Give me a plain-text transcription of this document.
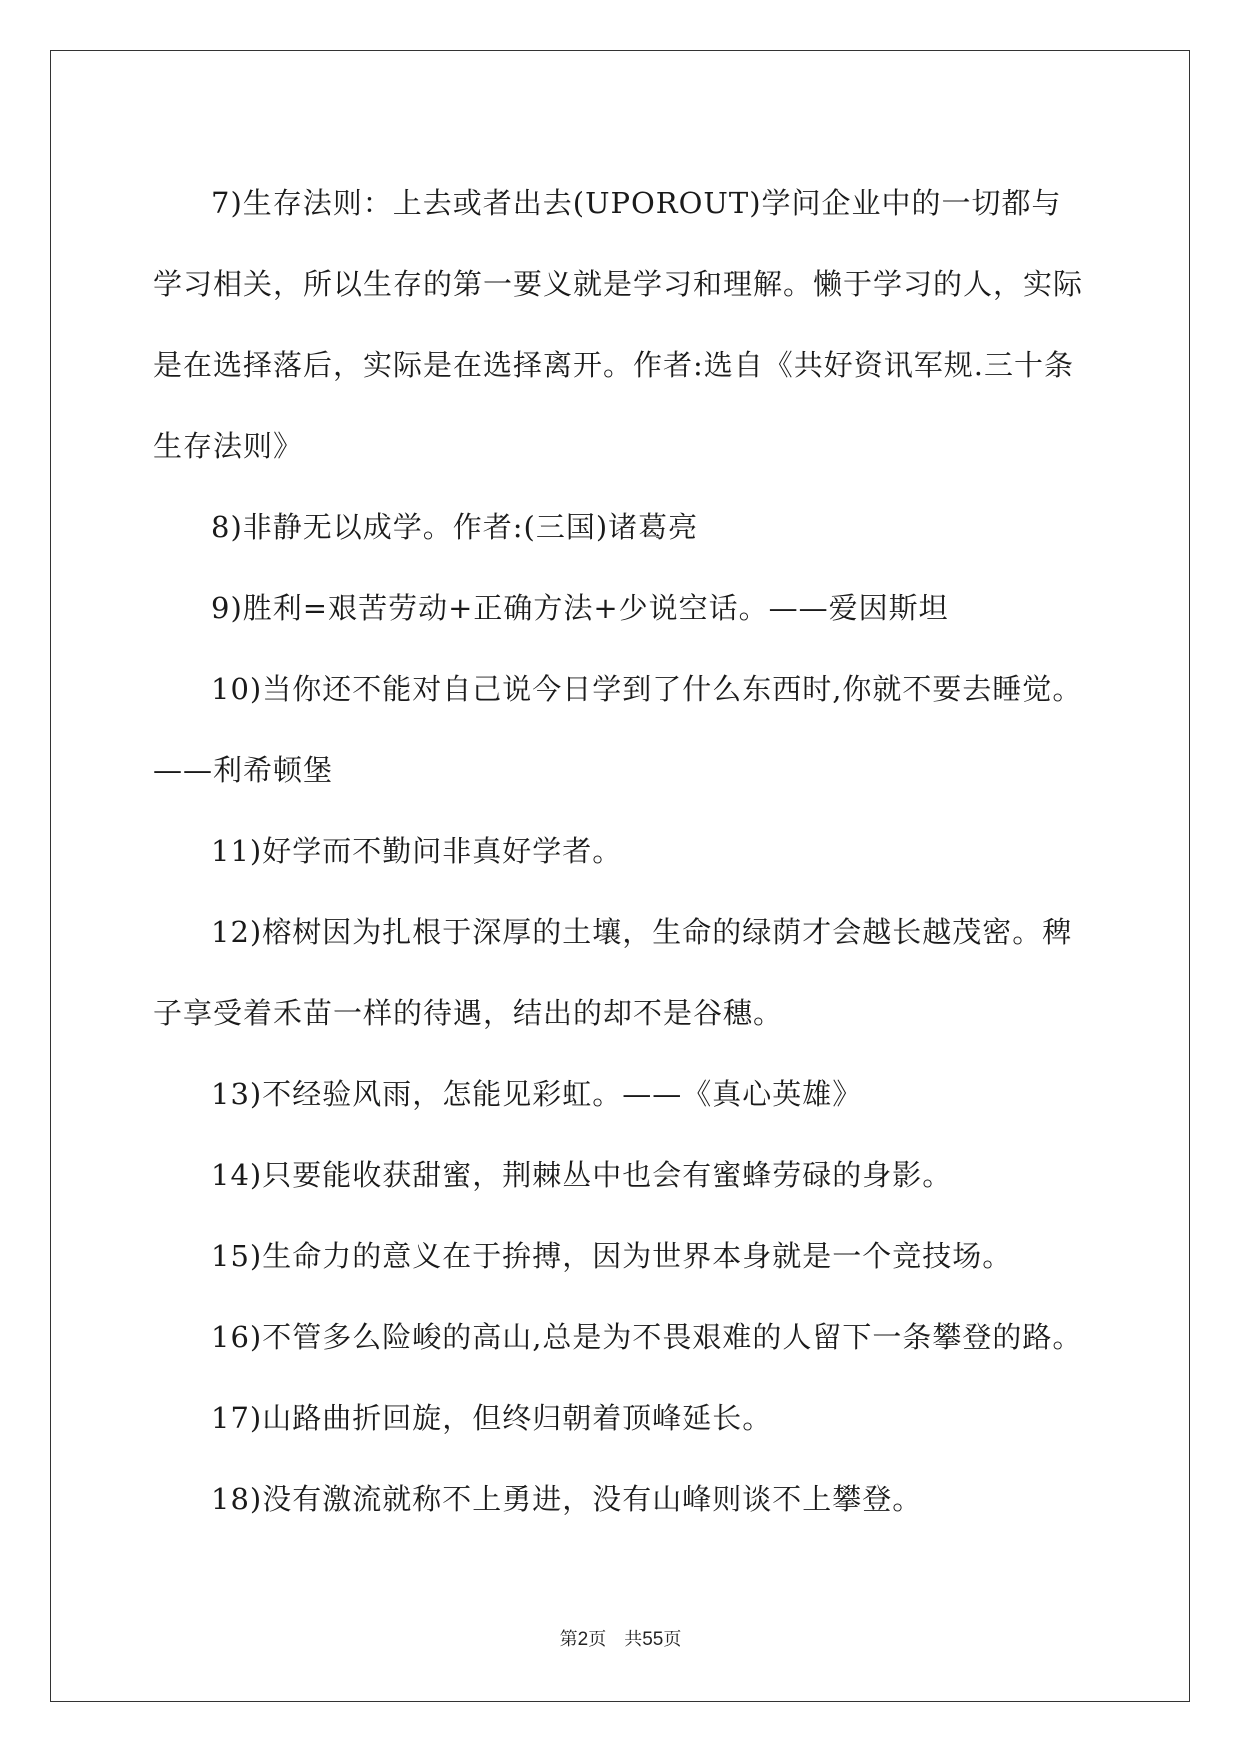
7)生存法则：上去或者出去(UPOROUT)学问企业中的一切都与学习相关，所以生存的第一要义就是学习和理解。懒于学习的人，实际是在选择落后，实际是在选择离开。作者:选自《共好资讯军规.三十条生存法则》

8)非静无以成学。作者:(三国)诸葛亮

9)胜利=艰苦劳动+正确方法+少说空话。——爱因斯坦

10)当你还不能对自己说今日学到了什么东西时,你就不要去睡觉。——利希顿堡

11)好学而不勤问非真好学者。

12)榕树因为扎根于深厚的土壤，生命的绿荫才会越长越茂密。稗子享受着禾苗一样的待遇，结出的却不是谷穗。

13)不经验风雨，怎能见彩虹。——《真心英雄》

14)只要能收获甜蜜，荆棘丛中也会有蜜蜂劳碌的身影。

15)生命力的意义在于拚搏，因为世界本身就是一个竞技场。

16)不管多么险峻的高山,总是为不畏艰难的人留下一条攀登的路。

17)山路曲折回旋，但终归朝着顶峰延长。

18)没有激流就称不上勇进，没有山峰则谈不上攀登。

第2页　共55页
